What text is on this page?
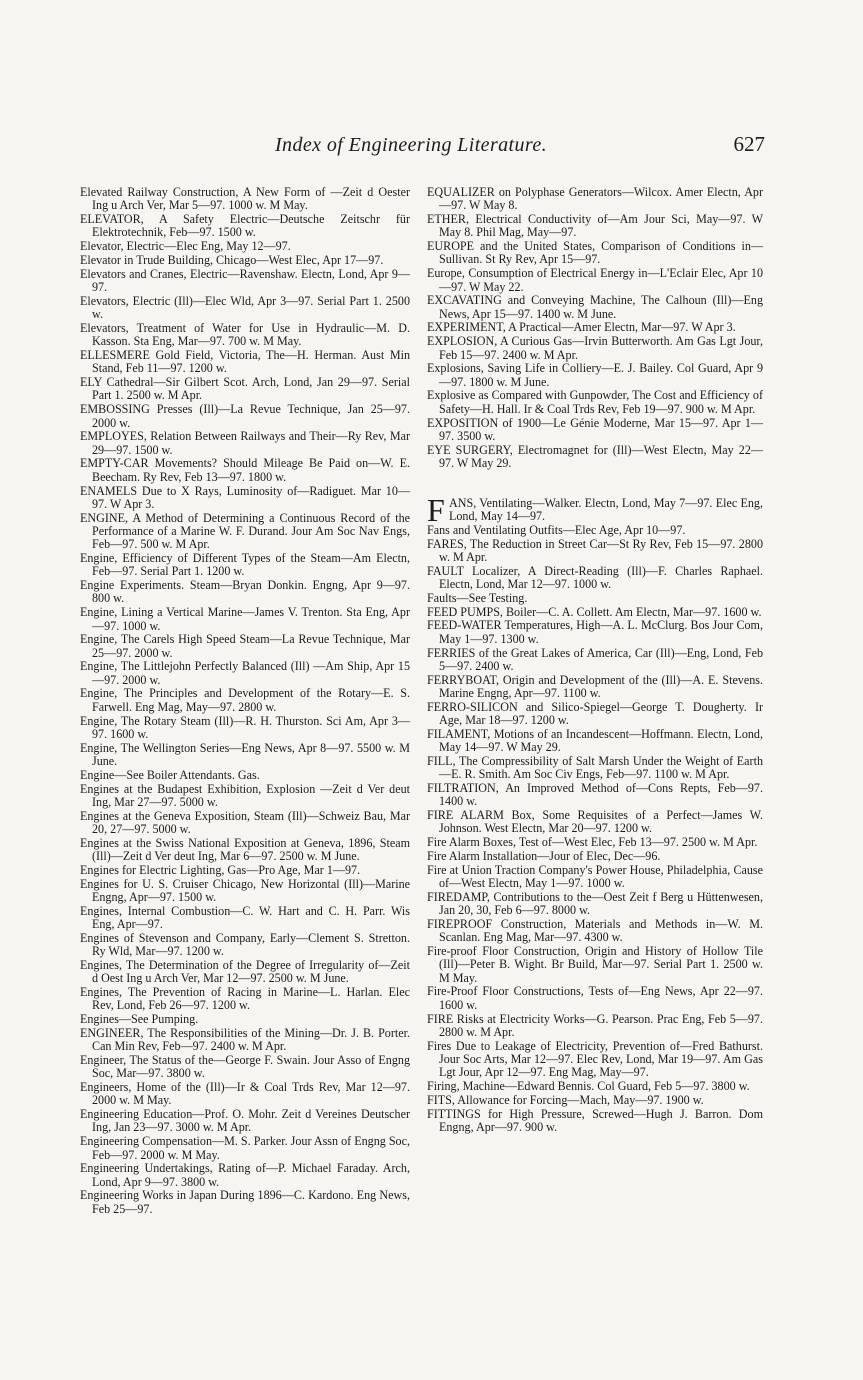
Index of Engineering Literature.	627
Elevated Railway Construction, A New Form of —Zeit d Oester Ing u Arch Ver, Mar 5—97. 1000 w. M May.
ELEVATOR, A Safety Electric—Deutsche Zeitschr für Elektrotechnik, Feb—97. 1500 w.
Elevator, Electric—Elec Eng, May 12—97.
Elevator in Trude Building, Chicago—West Elec, Apr 17—97.
Elevators and Cranes, Electric—Ravenshaw. Electn, Lond, Apr 9—97.
Elevators, Electric (Ill)—Elec Wld, Apr 3—97. Serial Part 1. 2500 w.
Elevators, Treatment of Water for Use in Hydraulic—M. D. Kasson. Sta Eng, Mar—97. 700 w. M May.
ELLESMERE Gold Field, Victoria, The—H. Herman. Aust Min Stand, Feb 11—97. 1200 w.
ELY Cathedral—Sir Gilbert Scot. Arch, Lond, Jan 29—97. Serial Part 1. 2500 w. M Apr.
EMBOSSING Presses (Ill)—La Revue Technique, Jan 25—97. 2000 w.
EMPLOYES, Relation Between Railways and Their—Ry Rev, Mar 29—97. 1500 w.
EMPTY-CAR Movements? Should Mileage Be Paid on—W. E. Beecham. Ry Rev, Feb 13—97. 1800 w.
ENAMELS Due to X Rays, Luminosity of—Radiguet. Mar 10—97. W Apr 3.
ENGINE, A Method of Determining a Continuous Record of the Performance of a Marine W. F. Durand. Jour Am Soc Nav Engs, Feb—97. 500 w. M Apr.
Engine, Efficiency of Different Types of the Steam—Am Electn, Feb—97. Serial Part 1. 1200 w.
Engine Experiments. Steam—Bryan Donkin. Engng, Apr 9—97. 800 w.
Engine, Lining a Vertical Marine—James V. Trenton. Sta Eng, Apr—97. 1000 w.
Engine, The Carels High Speed Steam—La Revue Technique, Mar 25—97. 2000 w.
Engine, The Littlejohn Perfectly Balanced (Ill) —Am Ship, Apr 15—97. 2000 w.
Engine, The Principles and Development of the Rotary—E. S. Farwell. Eng Mag, May—97. 2800 w.
Engine, The Rotary Steam (Ill)—R. H. Thurston. Sci Am, Apr 3—97. 1600 w.
Engine, The Wellington Series—Eng News, Apr 8—97. 5500 w. M June.
Engine—See Boiler Attendants. Gas.
Engines at the Budapest Exhibition, Explosion —Zeit d Ver deut Ing, Mar 27—97. 5000 w.
Engines at the Geneva Exposition, Steam (Ill)—Schweiz Bau, Mar 20, 27—97. 5000 w.
Engines at the Swiss National Exposition at Geneva, 1896, Steam (Ill)—Zeit d Ver deut Ing, Mar 6—97. 2500 w. M June.
Engines for Electric Lighting, Gas—Pro Age, Mar 1—97.
Engines for U. S. Cruiser Chicago, New Horizontal (Ill)—Marine Engng, Apr—97. 1500 w.
Engines, Internal Combustion—C. W. Hart and C. H. Parr. Wis Eng, Apr—97.
Engines of Stevenson and Company, Early—Clement S. Stretton. Ry Wld, Mar—97. 1200 w.
Engines, The Determination of the Degree of Irregularity of—Zeit d Oest Ing u Arch Ver, Mar 12—97. 2500 w. M June.
Engines, The Prevention of Racing in Marine—L. Harlan. Elec Rev, Lond, Feb 26—97. 1200 w.
Engines—See Pumping.
ENGINEER, The Responsibilities of the Mining—Dr. J. B. Porter. Can Min Rev, Feb—97. 2400 w. M Apr.
Engineer, The Status of the—George F. Swain. Jour Asso of Engng Soc, Mar—97. 3800 w.
Engineers, Home of the (Ill)—Ir & Coal Trds Rev, Mar 12—97. 2000 w. M May.
Engineering Education—Prof. O. Mohr. Zeit d Vereines Deutscher Ing, Jan 23—97. 3000 w. M Apr.
Engineering Compensation—M. S. Parker. Jour Assn of Engng Soc, Feb—97. 2000 w. M May.
Engineering Undertakings, Rating of—P. Michael Faraday. Arch, Lond, Apr 9—97. 3800 w.
Engineering Works in Japan During 1896—C. Kardono. Eng News, Feb 25—97.
EQUALIZER on Polyphase Generators—Wilcox. Amer Electn, Apr—97. W May 8.
ETHER, Electrical Conductivity of—Am Jour Sci, May—97. W May 8. Phil Mag, May—97.
EUROPE and the United States, Comparison of Conditions in—Sullivan. St Ry Rev, Apr 15—97.
Europe, Consumption of Electrical Energy in—L'Eclair Elec, Apr 10—97. W May 22.
EXCAVATING and Conveying Machine, The Calhoun (Ill)—Eng News, Apr 15—97. 1400 w. M June.
EXPERIMENT, A Practical—Amer Electn, Mar—97. W Apr 3.
EXPLOSION, A Curious Gas—Irvin Butterworth. Am Gas Lgt Jour, Feb 15—97. 2400 w. M Apr.
Explosions, Saving Life in Colliery—E. J. Bailey. Col Guard, Apr 9—97. 1800 w. M June.
Explosive as Compared with Gunpowder, The Cost and Efficiency of Safety—H. Hall. Ir & Coal Trds Rev, Feb 19—97. 900 w. M Apr.
EXPOSITION of 1900—Le Génie Moderne, Mar 15—97. Apr 1—97. 3500 w.
EYE SURGERY, Electromagnet for (Ill)—West Electn, May 22—97. W May 29.
F ANS, Ventilating—Walker. Electn, Lond, May 7—97. Elec Eng, Lond, May 14—97.
Fans and Ventilating Outfits—Elec Age, Apr 10—97.
FARES, The Reduction in Street Car—St Ry Rev, Feb 15—97. 2800 w. M Apr.
FAULT Localizer, A Direct-Reading (Ill)—F. Charles Raphael. Electn, Lond, Mar 12—97. 1000 w.
Faults—See Testing.
FEED PUMPS, Boiler—C. A. Collett. Am Electn, Mar—97. 1600 w.
FEED-WATER Temperatures, High—A. L. McClurg. Bos Jour Com, May 1—97. 1300 w.
FERRIES of the Great Lakes of America, Car (Ill)—Eng, Lond, Feb 5—97. 2400 w.
FERRYBOAT, Origin and Development of the (Ill)—A. E. Stevens. Marine Engng, Apr—97. 1100 w.
FERRO-SILICON and Silico-Spiegel—George T. Dougherty. Ir Age, Mar 18—97. 1200 w.
FILAMENT, Motions of an Incandescent—Hoffmann. Electn, Lond, May 14—97. W May 29.
FILL, The Compressibility of Salt Marsh Under the Weight of Earth—E. R. Smith. Am Soc Civ Engs, Feb—97. 1100 w. M Apr.
FILTRATION, An Improved Method of—Cons Repts, Feb—97. 1400 w.
FIRE ALARM Box, Some Requisites of a Perfect—James W. Johnson. West Electn, Mar 20—97. 1200 w.
Fire Alarm Boxes, Test of—West Elec, Feb 13—97. 2500 w. M Apr.
Fire Alarm Installation—Jour of Elec, Dec—96.
Fire at Union Traction Company's Power House, Philadelphia, Cause of—West Electn, May 1—97. 1000 w.
FIREDAMP, Contributions to the—Oest Zeit f Berg u Hüttenwesen, Jan 20, 30, Feb 6—97. 8000 w.
FIREPROOF Construction, Materials and Methods in—W. M. Scanlan. Eng Mag, Mar—97. 4300 w.
Fire-proof Floor Construction, Origin and History of Hollow Tile (Ill)—Peter B. Wight. Br Build, Mar—97. Serial Part 1. 2500 w. M May.
Fire-Proof Floor Constructions, Tests of—Eng News, Apr 22—97. 1600 w.
FIRE Risks at Electricity Works—G. Pearson. Prac Eng, Feb 5—97. 2800 w. M Apr.
Fires Due to Leakage of Electricity, Prevention of—Fred Bathurst. Jour Soc Arts, Mar 12—97. Elec Rev, Lond, Mar 19—97. Am Gas Lgt Jour, Apr 12—97. Eng Mag, May—97.
Firing, Machine—Edward Bennis. Col Guard, Feb 5—97. 3800 w.
FITS, Allowance for Forcing—Mach, May—97. 1900 w.
FITTINGS for High Pressure, Screwed—Hugh J. Barron. Dom Engng, Apr—97. 900 w.
